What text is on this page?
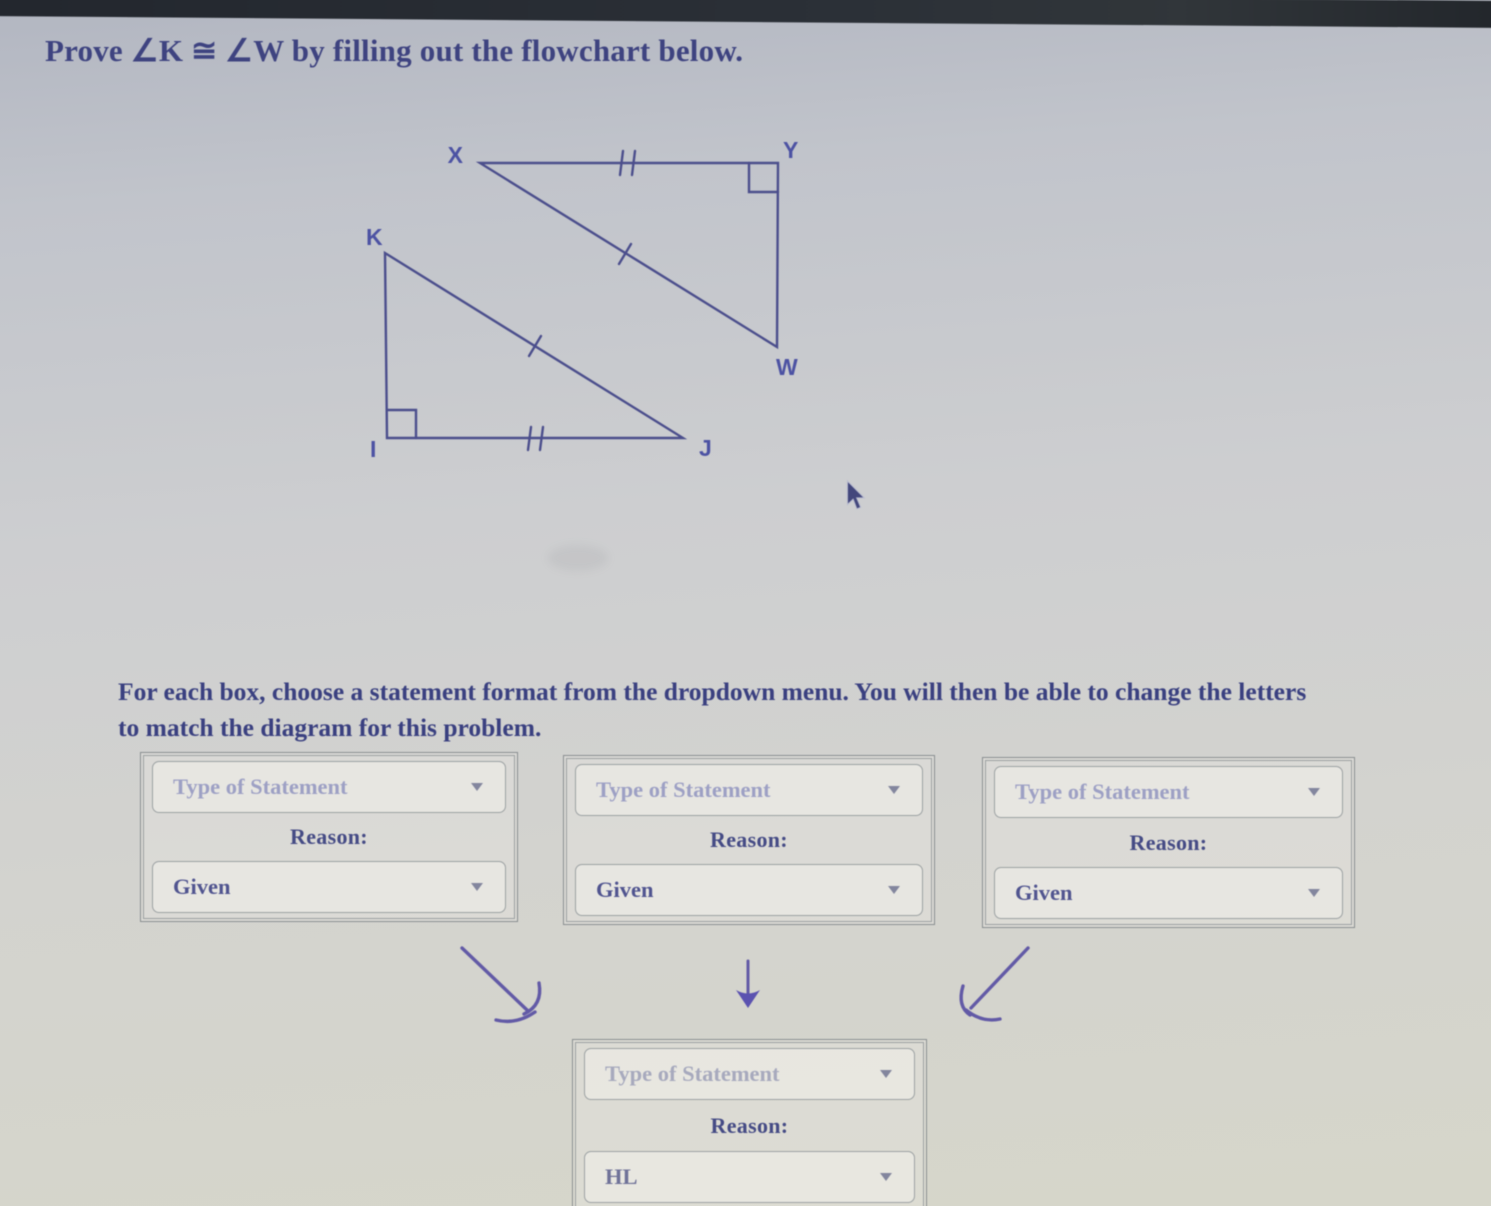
Prove ∠K ≅ ∠W by filling out the flowchart below.
X	Y
W
K
I	J

For each box, choose a statement format from the dropdown menu. You will then be able to change the letters to match the diagram for this problem.

Type of Statement
Reason:
Given
Type of Statement
Reason:
Given
Type of Statement
Reason:
Given
Type of Statement
Reason:
HL
